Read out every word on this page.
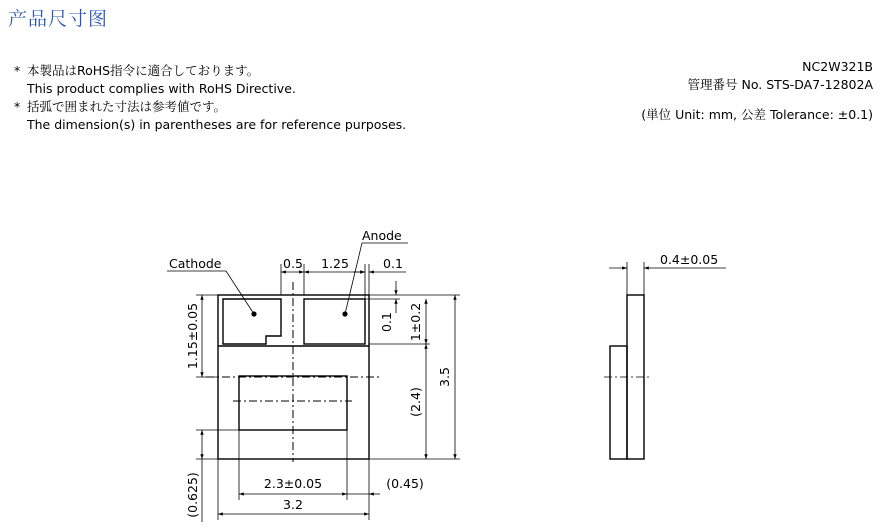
产品尺寸图
* 本製品はRoHS指令に適合しております。
This product complies with RoHS Directive.
* 括弧で囲まれた寸法は参考値です。
The dimension(s) in parentheses are for reference purposes.
NC2W321B
管理番号 No. STS-DA7-12802A
(単位 Unit: mm, 公差 Tolerance: ±0.1)
0.5 1.25	0.1
Cathode
Anode
0.1 1±0.2
(2.4)
3.5
1.15±0.05
(0.625)	2.3±0.05	(0.45)
3.2
0.4±0.05
